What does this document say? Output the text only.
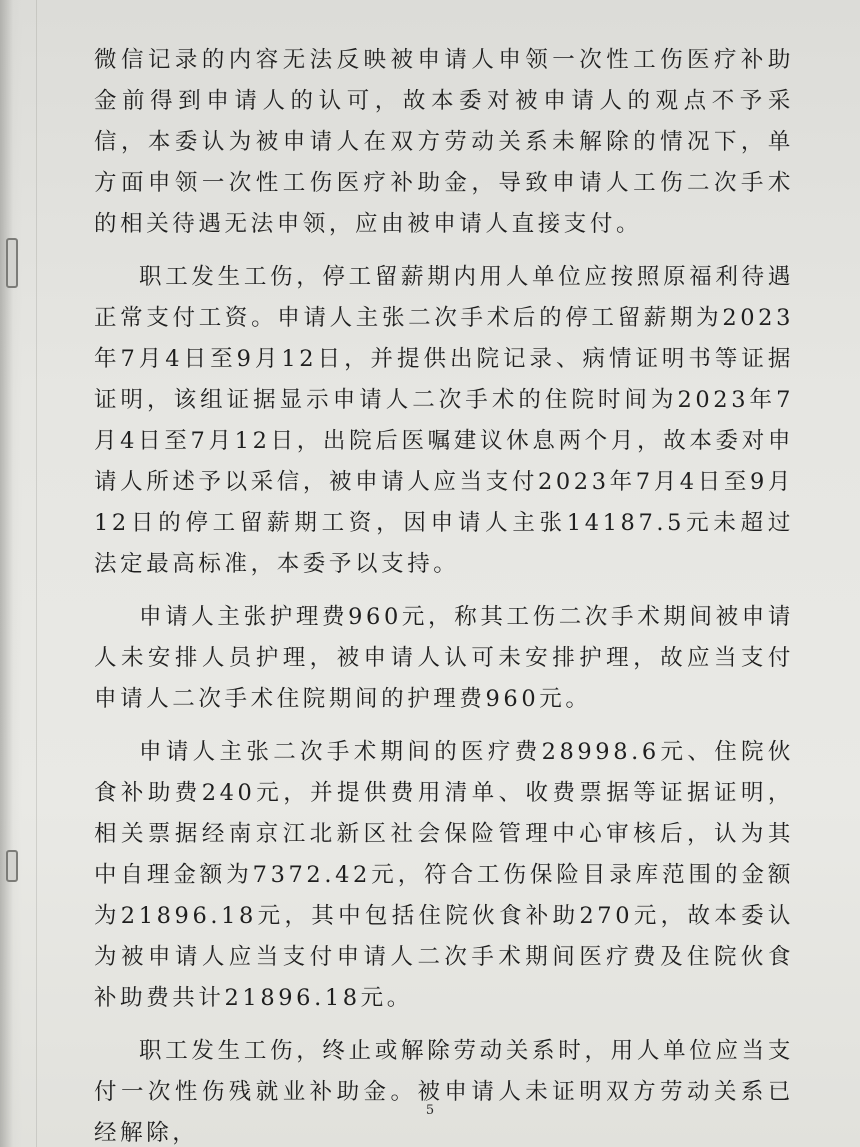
微信记录的内容无法反映被申请人申领一次性工伤医疗补助金前得到申请人的认可，故本委对被申请人的观点不予采信，本委认为被申请人在双方劳动关系未解除的情况下，单方面申领一次性工伤医疗补助金，导致申请人工伤二次手术的相关待遇无法申领，应由被申请人直接支付。

职工发生工伤，停工留薪期内用人单位应按照原福利待遇正常支付工资。申请人主张二次手术后的停工留薪期为2023年7月4日至9月12日，并提供出院记录、病情证明书等证据证明，该组证据显示申请人二次手术的住院时间为2023年7月4日至7月12日，出院后医嘱建议休息两个月，故本委对申请人所述予以采信，被申请人应当支付2023年7月4日至9月12日的停工留薪期工资，因申请人主张14187.5元未超过法定最高标准，本委予以支持。

申请人主张护理费960元，称其工伤二次手术期间被申请人未安排人员护理，被申请人认可未安排护理，故应当支付申请人二次手术住院期间的护理费960元。

申请人主张二次手术期间的医疗费28998.6元、住院伙食补助费240元，并提供费用清单、收费票据等证据证明，相关票据经南京江北新区社会保险管理中心审核后，认为其中自理金额为7372.42元，符合工伤保险目录库范围的金额为21896.18元，其中包括住院伙食补助270元，故本委认为被申请人应当支付申请人二次手术期间医疗费及住院伙食补助费共计21896.18元。

职工发生工伤，终止或解除劳动关系时，用人单位应当支付一次性伤残就业补助金。被申请人未证明双方劳动关系已经解除，

5
